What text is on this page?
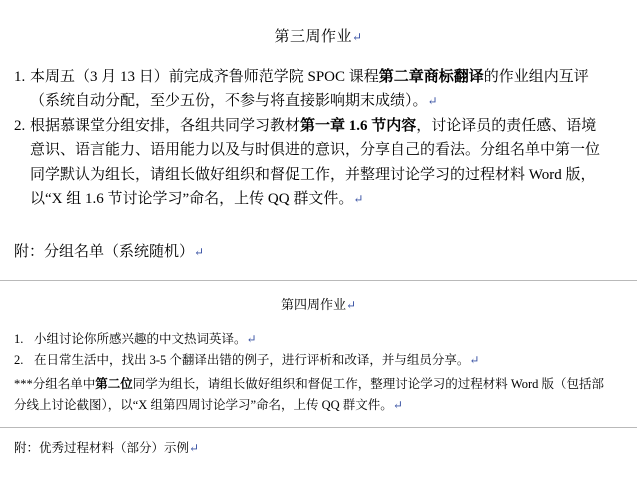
第三周作业↵
1. 本周五（3 月 13 日）前完成齐鲁师范学院 SPOC 课程第二章商标翻译的作业组内互评（系统自动分配，至少五份，不参与将直接影响期末成绩）。↵
2. 根据慕课堂分组安排，各组共同学习教材第一章 1.6 节内容，讨论译员的责任感、语境意识、语言能力、语用能力以及与时俱进的意识，分享自己的看法。分组名单中第一位同学默认为组长，请组长做好组织和督促工作，并整理讨论学习的过程材料 Word 版，以“X 组 1.6 节讨论学习”命名，上传 QQ 群文件。↵
附：分组名单（系统随机）↵
第四周作业↵
1. 小组讨论你所感兴趣的中文热词英译。↵
2. 在日常生活中，找出 3-5 个翻译出错的例子，进行评析和改译，并与组员分享。↵
***分组名单中第二位同学为组长，请组长做好组织和督促工作，整理讨论学习的过程材料 Word 版（包括部分线上讨论截图），以“X 组第四周讨论学习”命名，上传 QQ 群文件。↵
附：优秀过程材料（部分）示例↵
